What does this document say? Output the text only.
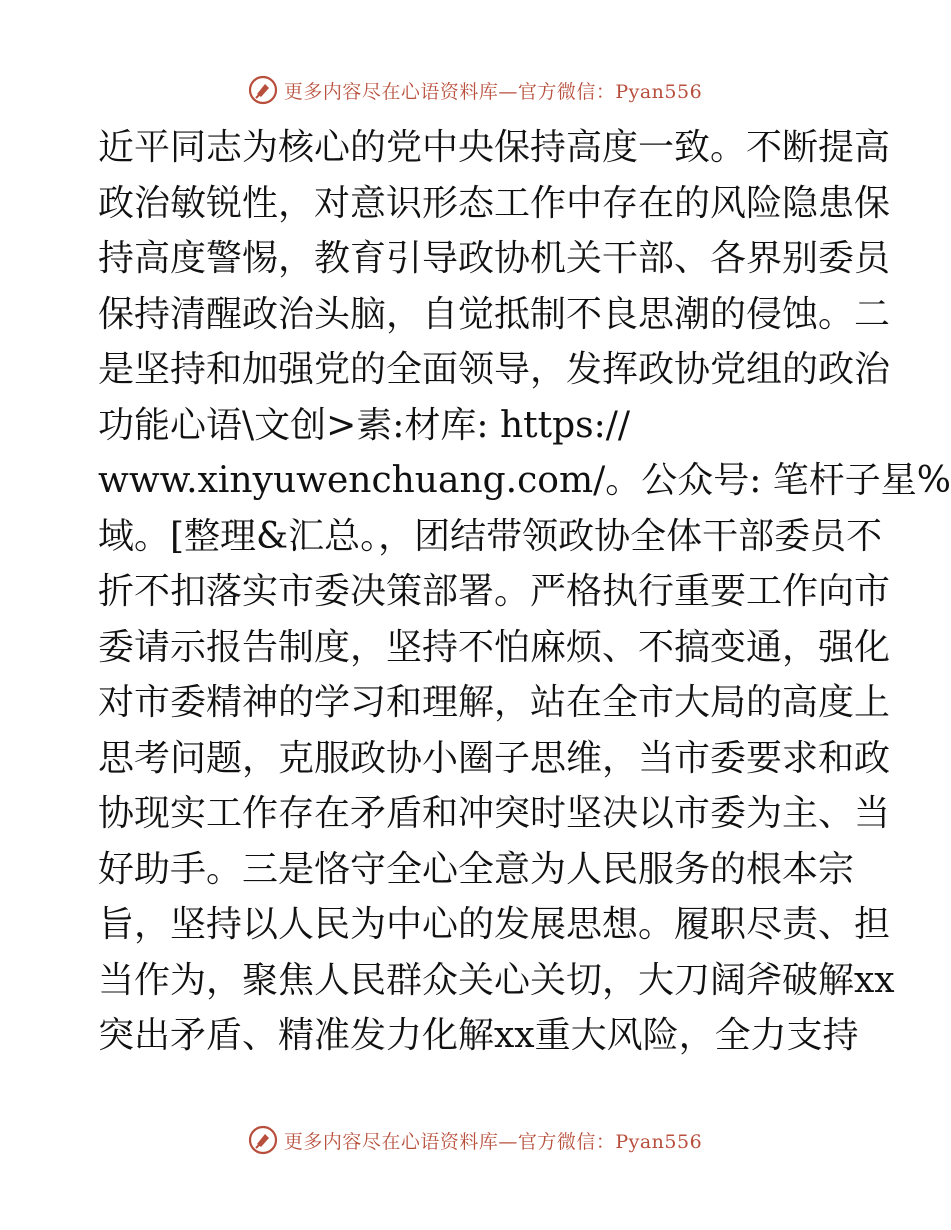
更多内容尽在心语资料库—官方微信：Pyan556
近平同志为核心的党中央保持高度一致。不断提高
政治敏锐性，对意识形态工作中存在的风险隐患保
持高度警惕，教育引导政协机关干部、各界别委员
保持清醒政治头脑，自觉抵制不良思潮的侵蚀。二
是坚持和加强党的全面领导，发挥政协党组的政治
功能心语\文创>素:材库: https://
www.xinyuwenchuang.com/。公众号: 笔杆子星%
域。[整理&汇总。，团结带领政协全体干部委员不
折不扣落实市委决策部署。严格执行重要工作向市
委请示报告制度，坚持不怕麻烦、不搞变通，强化
对市委精神的学习和理解，站在全市大局的高度上
思考问题，克服政协小圈子思维，当市委要求和政
协现实工作存在矛盾和冲突时坚决以市委为主、当
好助手。三是恪守全心全意为人民服务的根本宗
旨，坚持以人民为中心的发展思想。履职尽责、担
当作为，聚焦人民群众关心关切，大刀阔斧破解xx
突出矛盾、精准发力化解xx重大风险，全力支持
更多内容尽在心语资料库—官方微信：Pyan556
